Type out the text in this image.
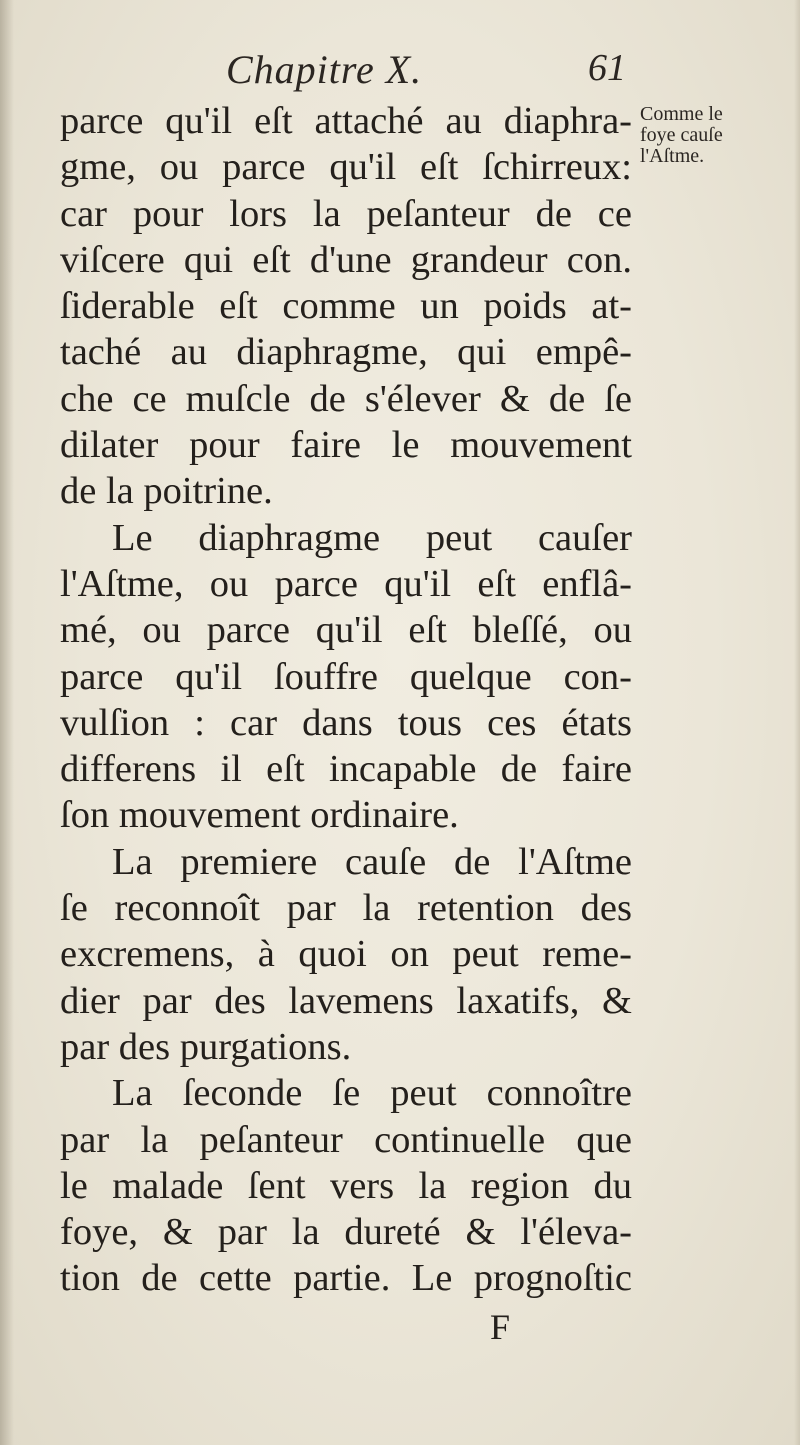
Chapitre X.	61
Comme le
foye cauſe
l'Aſtme.
parce qu'il eſt attaché au diaphra-
gme, ou parce qu'il eſt ſchirreux:
car pour lors la peſanteur de ce
viſcere qui eſt d'une grandeur con.
ſiderable eſt comme un poids at-
taché au diaphragme, qui empê-
che ce muſcle de s'élever & de ſe
dilater pour faire le mouvement
de la poitrine.
Le diaphragme peut cauſer
l'Aſtme, ou parce qu'il eſt enflâ-
mé, ou parce qu'il eſt bleſſé, ou
parce qu'il ſouffre quelque con-
vulſion : car dans tous ces états
differens il eſt incapable de faire
ſon mouvement ordinaire.
La premiere cauſe de l'Aſtme
ſe reconnoît par la retention des
excremens, à quoi on peut reme-
dier par des lavemens laxatifs, &
par des purgations.
La ſeconde ſe peut connoître
par la peſanteur continuelle que
le malade ſent vers la region du
foye, & par la dureté & l'éleva-
tion de cette partie. Le prognoſtic
F
